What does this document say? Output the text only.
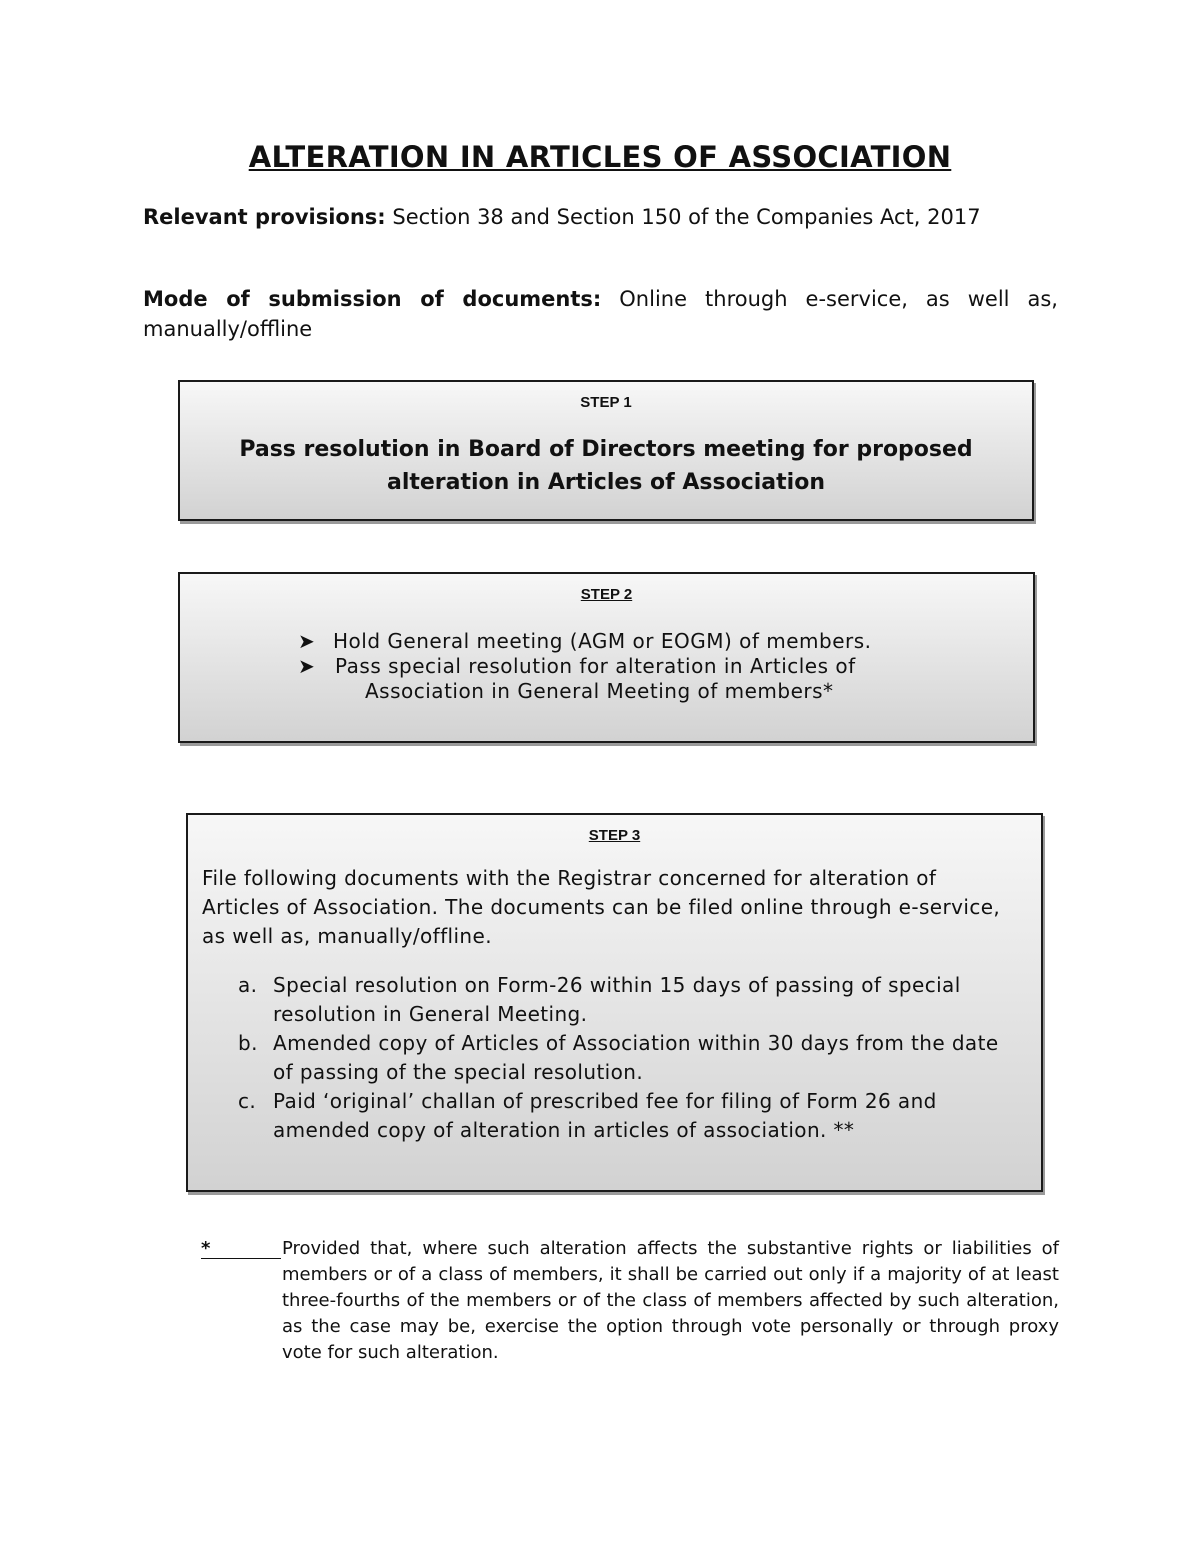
ALTERATION IN ARTICLES OF ASSOCIATION
Relevant provisions: Section 38 and Section 150 of the Companies Act, 2017
Mode of submission of documents: Online through e-service, as well as, manually/offline
STEP 1
Pass resolution in Board of Directors meeting for proposed alteration in Articles of Association
STEP 2
➤ Hold General meeting (AGM or EOGM) of members.
➤ Pass special resolution for alteration in Articles of
Association in General Meeting of members*
STEP 3
File following documents with the Registrar concerned for alteration of Articles of Association. The documents can be filed online through e-service, as well as, manually/offline.
a. Special resolution on Form-26 within 15 days of passing of special resolution in General Meeting.
b. Amended copy of Articles of Association within 30 days from the date of passing of the special resolution.
c. Paid ‘original’ challan of prescribed fee for filing of Form 26 and amended copy of alteration in articles of association. **
*	Provided that, where such alteration affects the substantive rights or liabilities of members or of a class of members, it shall be carried out only if a majority of at least three-fourths of the members or of the class of members affected by such alteration, as the case may be, exercise the option through vote personally or through proxy vote for such alteration.
